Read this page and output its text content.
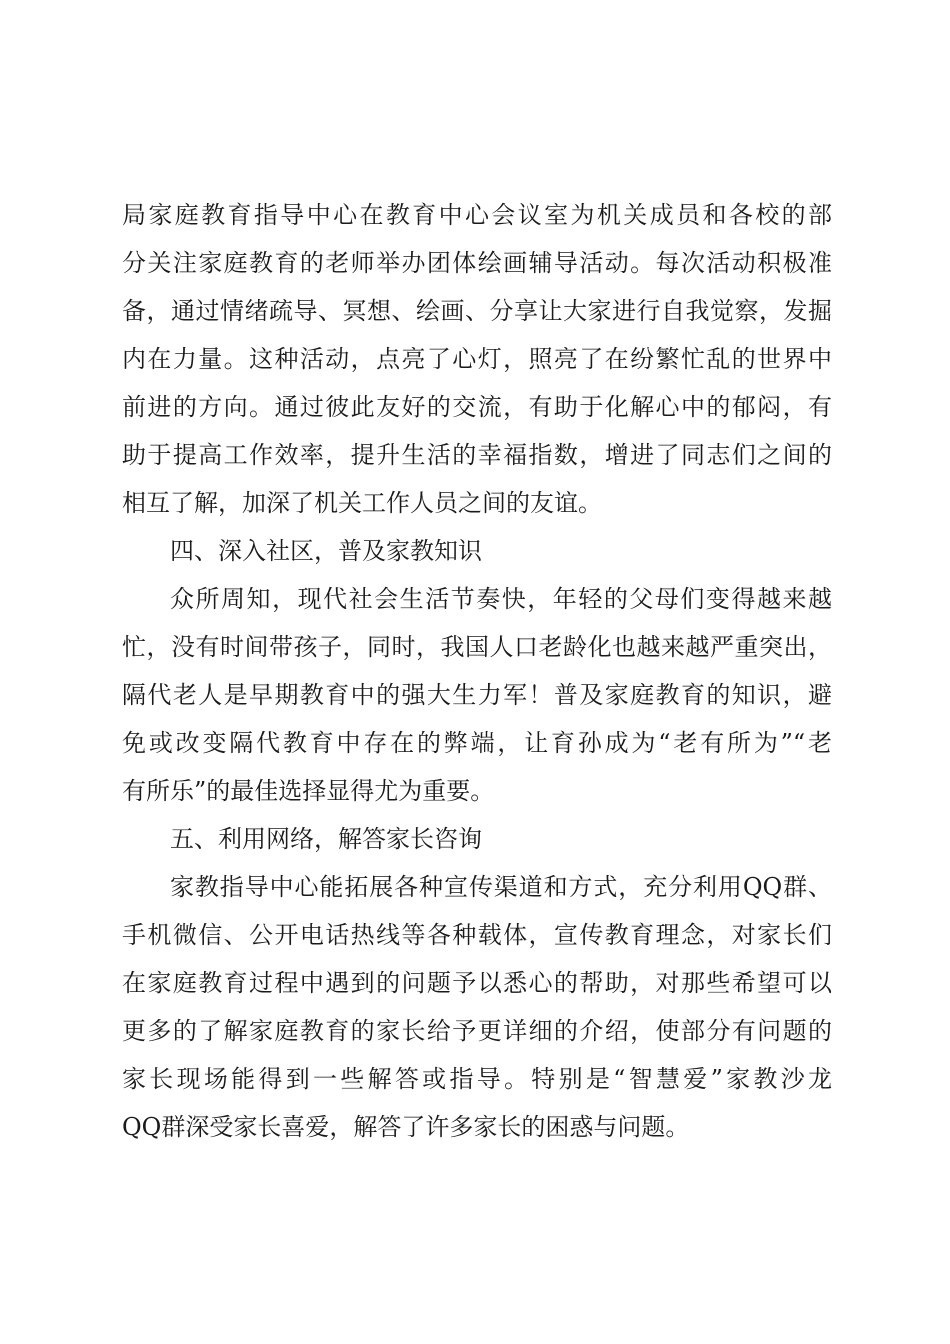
局家庭教育指导中心在教育中心会议室为机关成员和各校的部
分关注家庭教育的老师举办团体绘画辅导活动。每次活动积极准
备，通过情绪疏导、冥想、绘画、分享让大家进行自我觉察，发掘
内在力量。这种活动，点亮了心灯，照亮了在纷繁忙乱的世界中
前进的方向。通过彼此友好的交流，有助于化解心中的郁闷，有
助于提高工作效率，提升生活的幸福指数，增进了同志们之间的
相互了解，加深了机关工作人员之间的友谊。
四、深入社区，普及家教知识
众所周知，现代社会生活节奏快，年轻的父母们变得越来越
忙，没有时间带孩子，同时，我国人口老龄化也越来越严重突出，
隔代老人是早期教育中的强大生力军！普及家庭教育的知识，避
免或改变隔代教育中存在的弊端，让育孙成为“老有所为”“老
有所乐”的最佳选择显得尤为重要。
五、利用网络，解答家长咨询
家教指导中心能拓展各种宣传渠道和方式，充分利用QQ群、
手机微信、公开电话热线等各种载体，宣传教育理念，对家长们
在家庭教育过程中遇到的问题予以悉心的帮助，对那些希望可以
更多的了解家庭教育的家长给予更详细的介绍，使部分有问题的
家长现场能得到一些解答或指导。特别是“智慧爱”家教沙龙
QQ群深受家长喜爱，解答了许多家长的困惑与问题。
